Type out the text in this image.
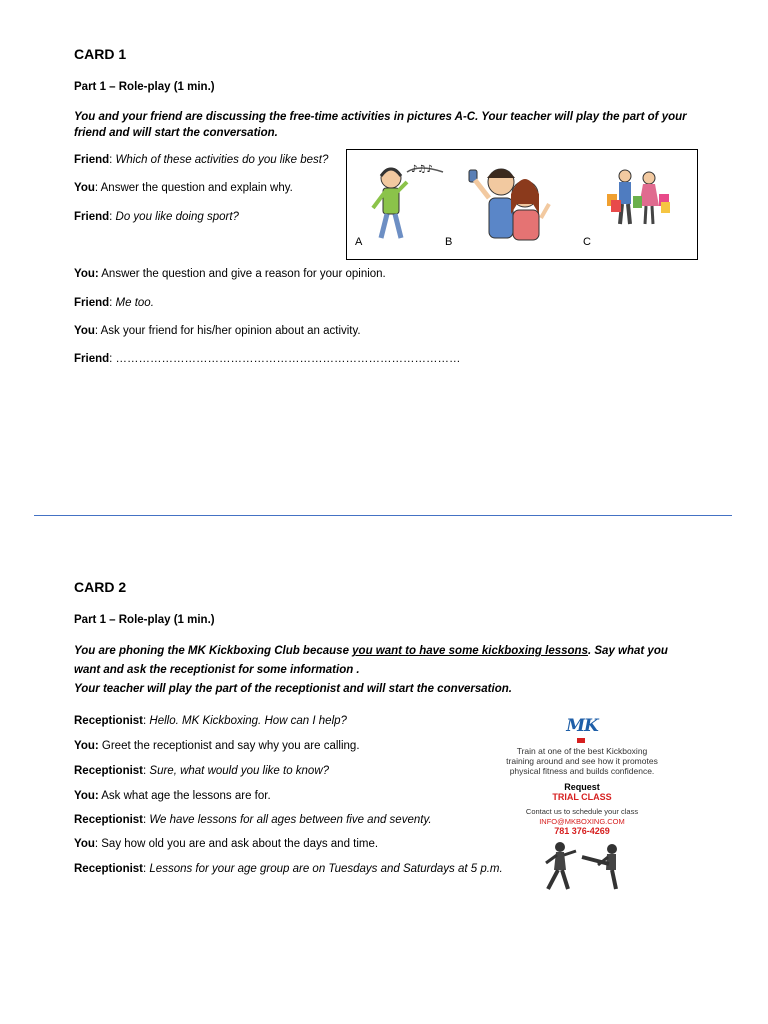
CARD 1
Part 1 – Role-play (1 min.)
You and your friend are discussing the free-time activities in pictures A-C. Your teacher will play the part of your friend and will start the conversation.
Friend: Which of these activities do you like best?
You: Answer the question and explain why.
Friend: Do you like doing sport?
You: Answer the question and give a reason for your opinion.
Friend: Me too.
You: Ask your friend for his/her opinion about an activity.
Friend: ………………………………………………………………………………
♪♫♪
A	B	C
CARD 2
Part 1 – Role-play (1 min.)
You are phoning the MK Kickboxing Club because you want to have some kickboxing lessons. Say what you want and ask the receptionist for some information .
Your teacher will play the part of the receptionist and will start the conversation.
Receptionist: Hello. MK Kickboxing. How can I help?
You: Greet the receptionist and say why you are calling.
Receptionist: Sure, what would you like to know?
You: Ask what age the lessons are for.
Receptionist: We have lessons for all ages between five and seventy.
You: Say how old you are and ask about the days and time.
Receptionist: Lessons for your age group are on Tuesdays and Saturdays at 5 p.m.
MK
Train at one of the best Kickboxing training around and see how it promotes physical fitness and builds confidence.
Request
TRIAL CLASS
Contact us to schedule your class
INFO@MKBOXING.COM
781 376-4269
